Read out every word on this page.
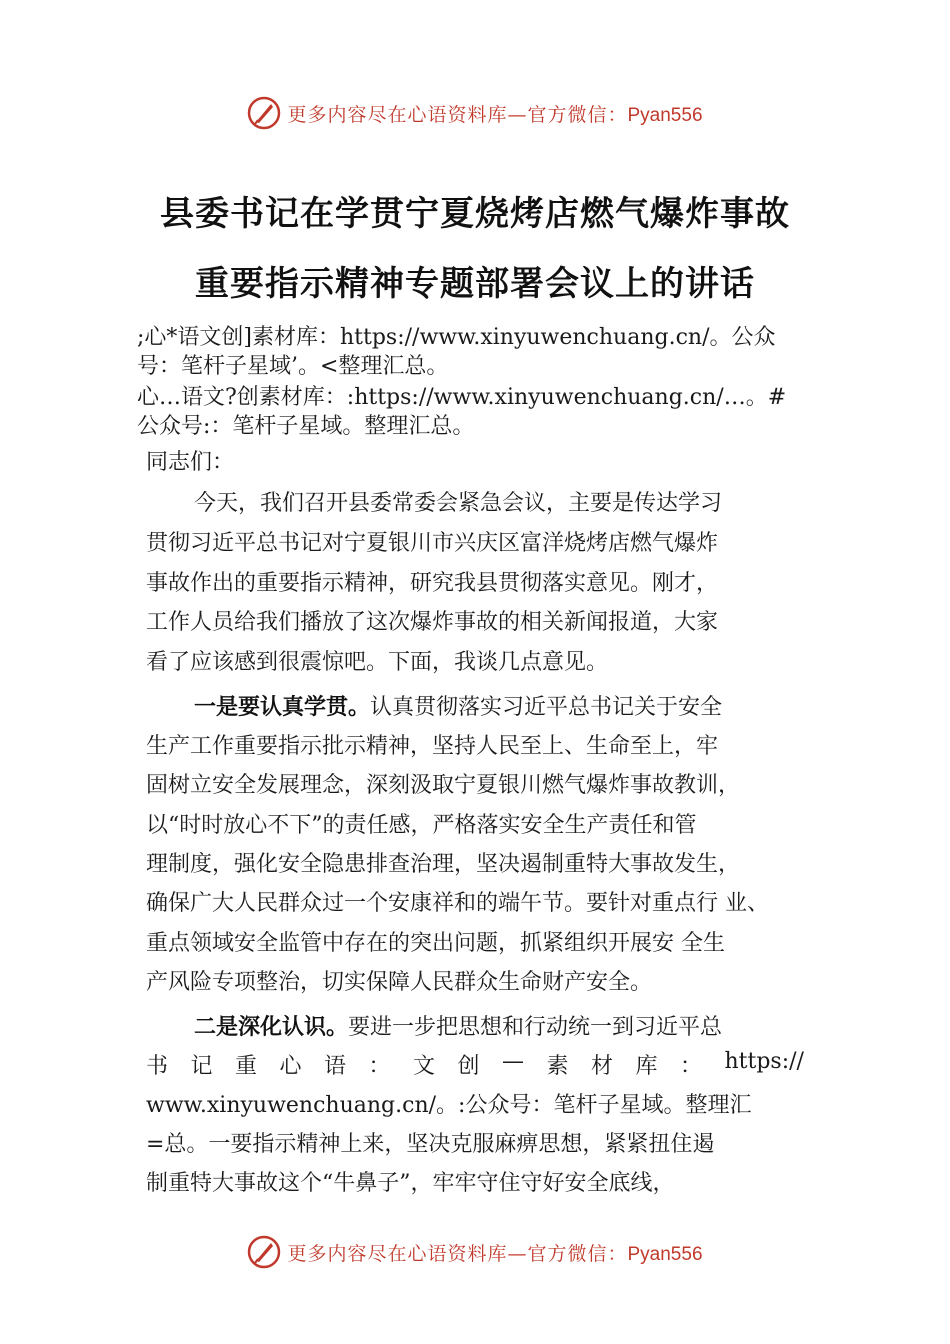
更多内容尽在心语资料库—官方微信：Pyan556
县委书记在学贯宁夏烧烤店燃气爆炸事故
重要指示精神专题部署会议上的讲话
;心*语文创]素材库：https://www.xinyuwenchuang.cn/。公众
号：笔杆子星域’。<整理汇总。
心…语文?创素材库：:https://www.xinyuwenchuang.cn/…。#
公众号:：笔杆子星域。整理汇总。
同志们：
今天，我们召开县委常委会紧急会议，主要是传达学习
贯彻习近平总书记对宁夏银川市兴庆区富洋烧烤店燃气爆炸
事故作出的重要指示精神，研究我县贯彻落实意见。刚才，
工作人员给我们播放了这次爆炸事故的相关新闻报道，大家
看了应该感到很震惊吧。下面，我谈几点意见。
一是要认真学贯。认真贯彻落实习近平总书记关于安全
生产工作重要指示批示精神，坚持人民至上、生命至上，牢
固树立安全发展理念，深刻汲取宁夏银川燃气爆炸事故教训，
以“时时放心不下”的责任感，严格落实安全生产责任和管
理制度，强化安全隐患排查治理，坚决遏制重特大事故发生，
确保广大人民群众过一个安康祥和的端午节。要针对重点行 业、
重点领域安全监管中存在的突出问题，抓紧组织开展安 全生
产风险专项整治，切实保障人民群众生命财产安全。
二是深化认识。要进一步把思想和行动统一到习近平总
书 记 重 心 语 ： 文 创 — 素 材 库 ： https://
www.xinyuwenchuang.cn/。:公众号：笔杆子星域。整理汇
=总。一要指示精神上来，坚决克服麻痹思想，紧紧扭住遏
制重特大事故这个“牛鼻子”，牢牢守住守好安全底线，
更多内容尽在心语资料库—官方微信：Pyan556
